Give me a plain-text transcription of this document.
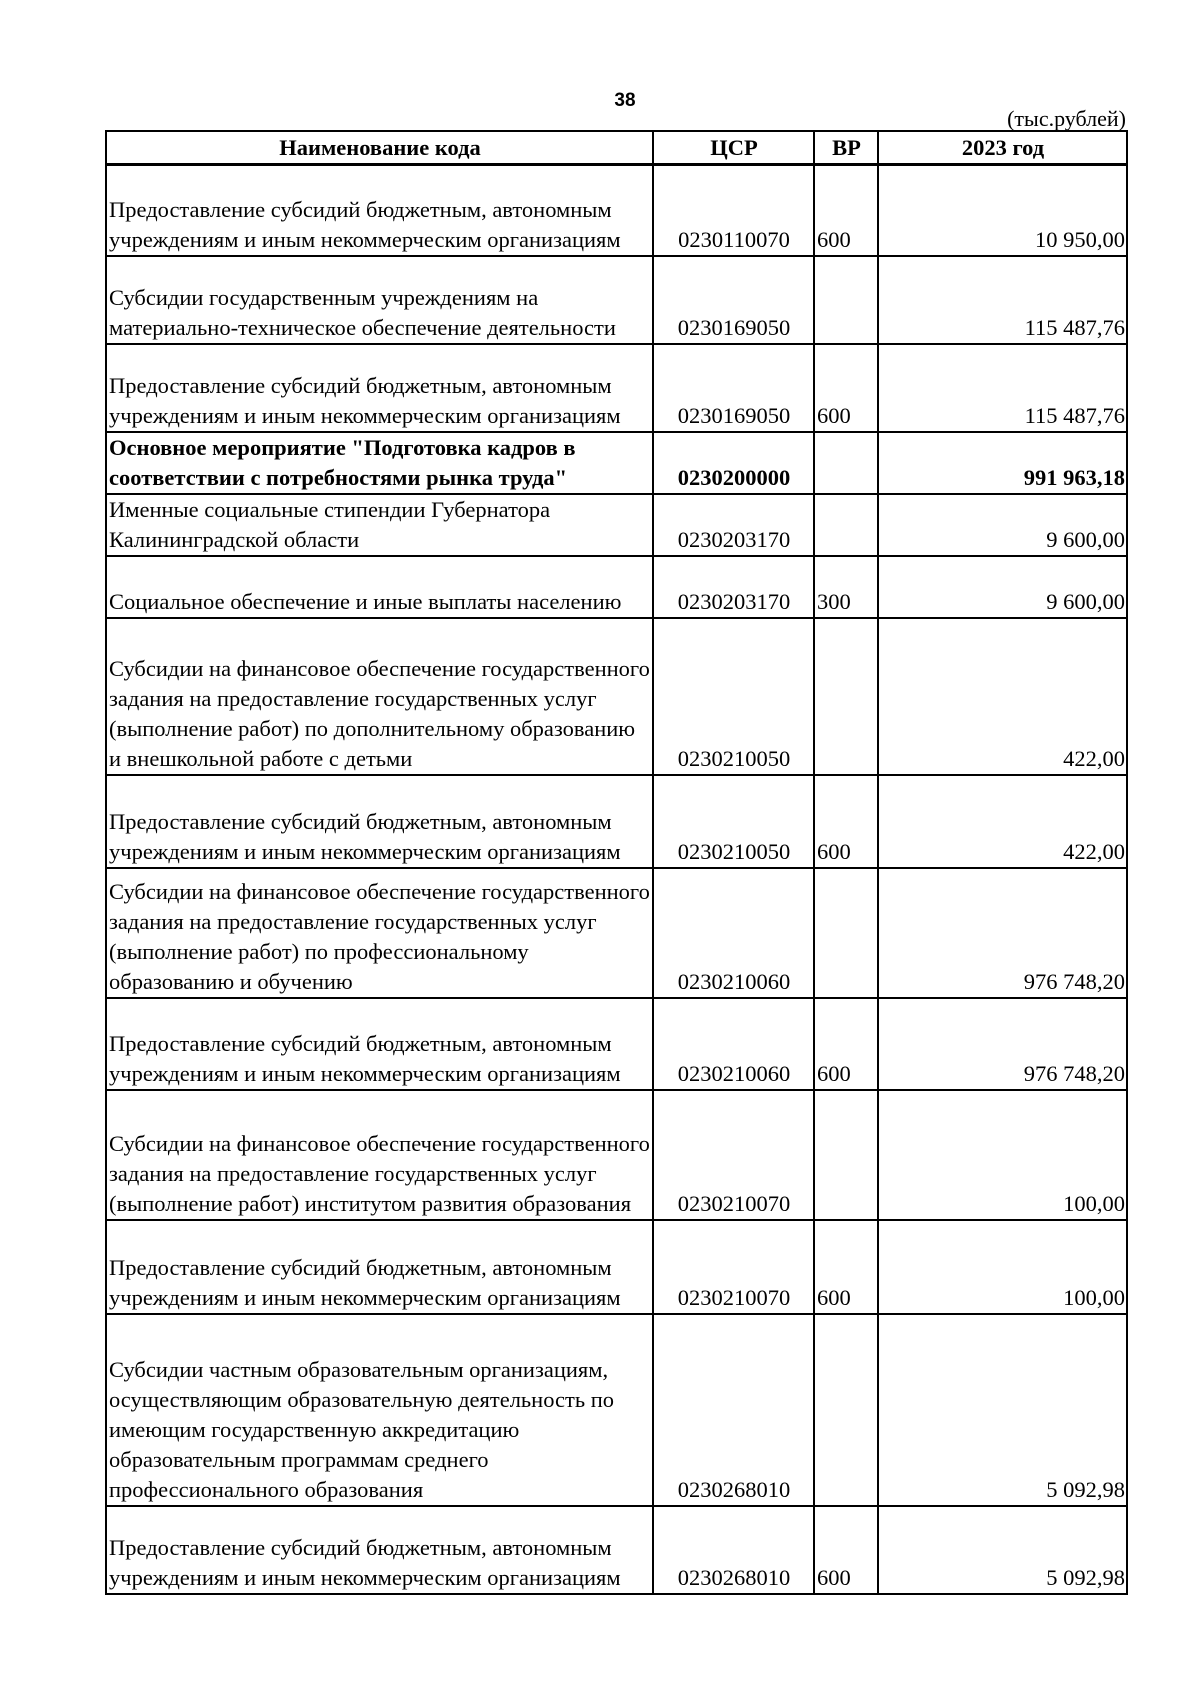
38
(тыс.рублей)
Наименование кода	ЦСР	ВР	2023 год
Предоставление субсидий бюджетным, автономным учреждениям и иным некоммерческим организациям	0230110070	600	10 950,00
Субсидии государственным учреждениям на материально-техническое обеспечение деятельности	0230169050		115 487,76
Предоставление субсидий бюджетным, автономным учреждениям и иным некоммерческим организациям	0230169050	600	115 487,76
Основное мероприятие "Подготовка кадров в соответствии с потребностями рынка труда"	0230200000		991 963,18
Именные социальные стипендии Губернатора Калининградской области	0230203170		9 600,00
Социальное обеспечение и иные выплаты населению	0230203170	300	9 600,00
Субсидии на финансовое обеспечение государственного задания на предоставление государственных услуг (выполнение работ) по дополнительному образованию и внешкольной работе с детьми	0230210050		422,00
Предоставление субсидий бюджетным, автономным учреждениям и иным некоммерческим организациям	0230210050	600	422,00
Субсидии на финансовое обеспечение государственного задания на предоставление государственных услуг (выполнение работ) по профессиональному образованию и обучению	0230210060		976 748,20
Предоставление субсидий бюджетным, автономным учреждениям и иным некоммерческим организациям	0230210060	600	976 748,20
Субсидии на финансовое обеспечение государственного задания на предоставление государственных услуг (выполнение работ) институтом развития образования	0230210070		100,00
Предоставление субсидий бюджетным, автономным учреждениям и иным некоммерческим организациям	0230210070	600	100,00
Субсидии частным образовательным организациям, осуществляющим образовательную деятельность по имеющим государственную аккредитацию образовательным программам среднего профессионального образования	0230268010		5 092,98
Предоставление субсидий бюджетным, автономным учреждениям и иным некоммерческим организациям	0230268010	600	5 092,98
